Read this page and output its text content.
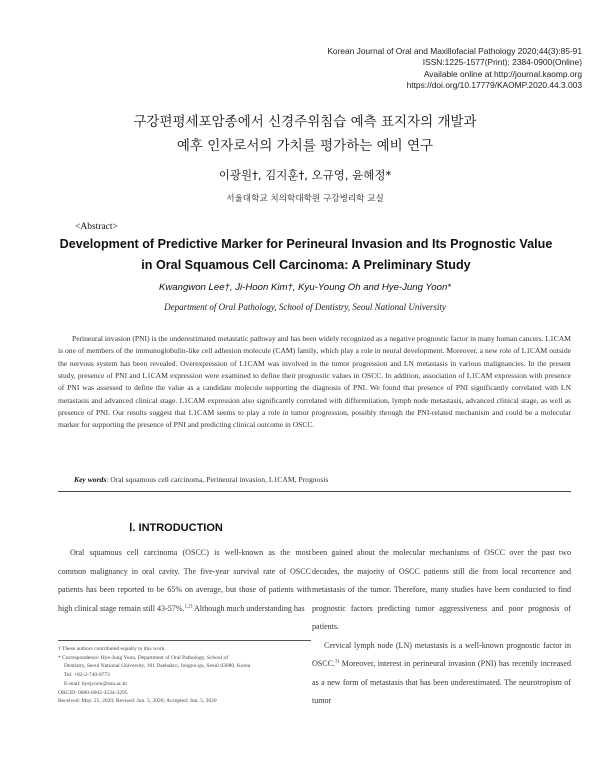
Korean Journal of Oral and Maxillofacial Pathology 2020;44(3):85-91
ISSN:1225-1577(Print); 2384-0900(Online)
Available online at http://journal.kaomp.org
https://doi.org/10.17779/KAOMP.2020.44.3.003
구강편평세포암종에서 신경주위침습 예측 표지자의 개발과
예후 인자로서의 가치를 평가하는 예비 연구
이광원†, 김지훈†, 오규영, 윤혜정*
서울대학교 치의학대학원 구강병리학 교실
<Abstract>
Development of Predictive Marker for Perineural Invasion and Its Prognostic Value
in Oral Squamous Cell Carcinoma: A Preliminary Study
Kwangwon Lee†, Ji-Hoon Kim†, Kyu-Young Oh and Hye-Jung Yoon*
Department of Oral Pathology, School of Dentistry, Seoul National University

Perineural invasion (PNI) is the underestimated metastatic pathway and has been widely recognized as a negative prognostic factor in many human cancers. L1CAM is one of members of the immunoglobulin-like cell adhesion molecule (CAM) family, which play a role in neural development. Moreover, a new role of L1CAM outside the nervous system has been revealed. Overexpression of L1CAM was involved in the tumor progression and LN metastasis in various malignancies. In the present study, presence of PNI and L1CAM expression were examined to define their prognostic values in OSCC. In addition, association of L1CAM expression with presence of PNI was assessed to define the value as a candidate molecule supporting the diagnosis of PNI. We found that presence of PNI significantly correlated with LN metastasis and advanced clinical stage. L1CAM expression also significantly correlated with differentiation, lymph node metastasis, advanced clinical stage, as well as presence of PNI. Our results suggest that L1CAM seems to play a role in tumor progression, possibly through the PNI-related mechanism and could be a molecular marker for supporting the presence of PNI and predicting clinical outcome in OSCC.

Key words: Oral squamous cell carcinoma, Perineural invasion, L1CAM, Prognosis
Ⅰ. INTRODUCTION

Oral squamous cell carcinoma (OSCC) is well-known as the most common malignancy in oral cavity. The five-year survival rate of OSCC patients has been reported to be 65% on average, but those of patients with high clinical stage remain still 43-57%.$^{1,2)}$ Although much understanding has

been gained about the molecular mechanisms of OSCC over the past two decades, the majority of OSCC patients still die from local recurrence and metastasis of the tumor. Therefore, many studies have been conducted to find prognostic factors predicting tumor aggressiveness and poor prognosis of patients.

Cervical lymph node (LN) metastasis is a well-known prognostic factor in OSCC.$^{3)}$ Moreover, interest in perineural invasion (PNI) has recently increased as a new form of metastasis that has been underestimated. The neurotropism of tumor

† These authors contributed equally to this work.
* Correspondence: Hye-Jung Yoon, Department of Oral Pathology, School of
Dentistry, Seoul National University, 101 Daehakro, Jongno-gu, Seoul 03080, Korea
Tel: +82-2-740-8772
E-mail: hyejyoon@snu.ac.kr
ORCID: 0000-0002-3534-3295
Received: May. 25, 2020; Revised: Jun. 5, 2020; Accepted: Jun. 5, 2020
